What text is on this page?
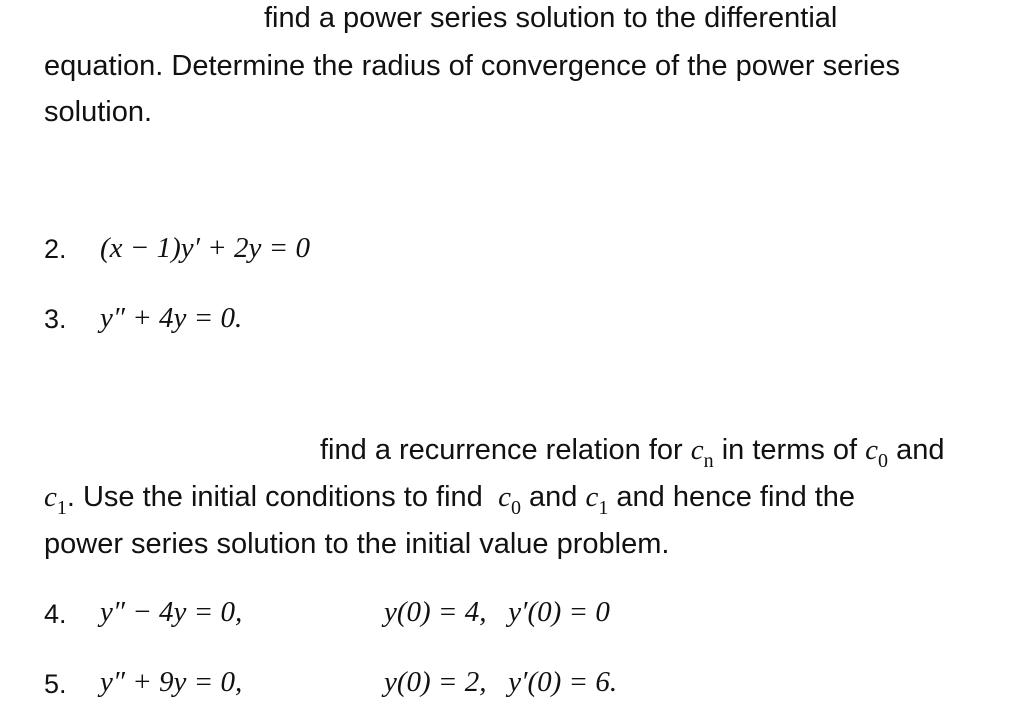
find a power series solution to the differential
equation. Determine the radius of convergence of the power series
solution.
2. (x − 1)y′ + 2y = 0
3. y″ + 4y = 0.
find a recurrence relation for $c_n$ in terms of $c_0$ and
$c_1$. Use the initial conditions to find $c_0$ and $c_1$ and hence find the
power series solution to the initial value problem.
4. y″ − 4y = 0,	y(0) = 4,   y′(0) = 0
5. y″ + 9y = 0,	y(0) = 2,   y′(0) = 6.
